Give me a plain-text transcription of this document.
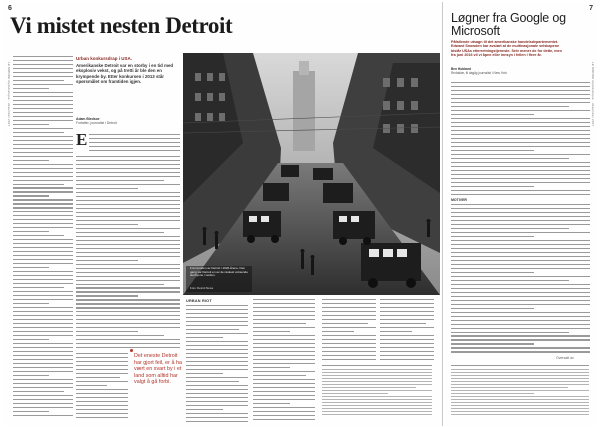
6
LE MONDE diplomatique · desember 2017
7
LE MONDE diplomatique · desember 2017
Vi mistet nesten Detroit
Urban konkursdrap i USA.
Amerikanske Detroit var en storby i en tid med eksplosiv vekst, og på tretti år ble den en krympende by. Etter konkursen i 2013 står spørsmålet om framtiden igjen.
Adam Bledsoe
Forfatter, journalist i Detroit
E
Fra innsiden av Detroit i 1920-årene. Den gang var Detroit en av de raskest voksende storbyene i verden.
Foto: Detroit News
URBAN RIOT
Det eneste Detroit har gjort feil, er å ha vært en svart by i et land som alltid har valgt å gå forbi.
Løgner fra Google og Microsoft
Påfallende utsagn til det amerikanske handelsdepartementet. Edward Snowden har avslørt at de multinasjonale selskapene bistår USAs etterretningstjeneste. Selv mener de for dette, men fra juni 2016 vil vi åpne eller innsyn i feilen i flere år.
Ben Hubbard
Redaktør, til daglig journalist i New York
MOTIVER
Oversatt av
